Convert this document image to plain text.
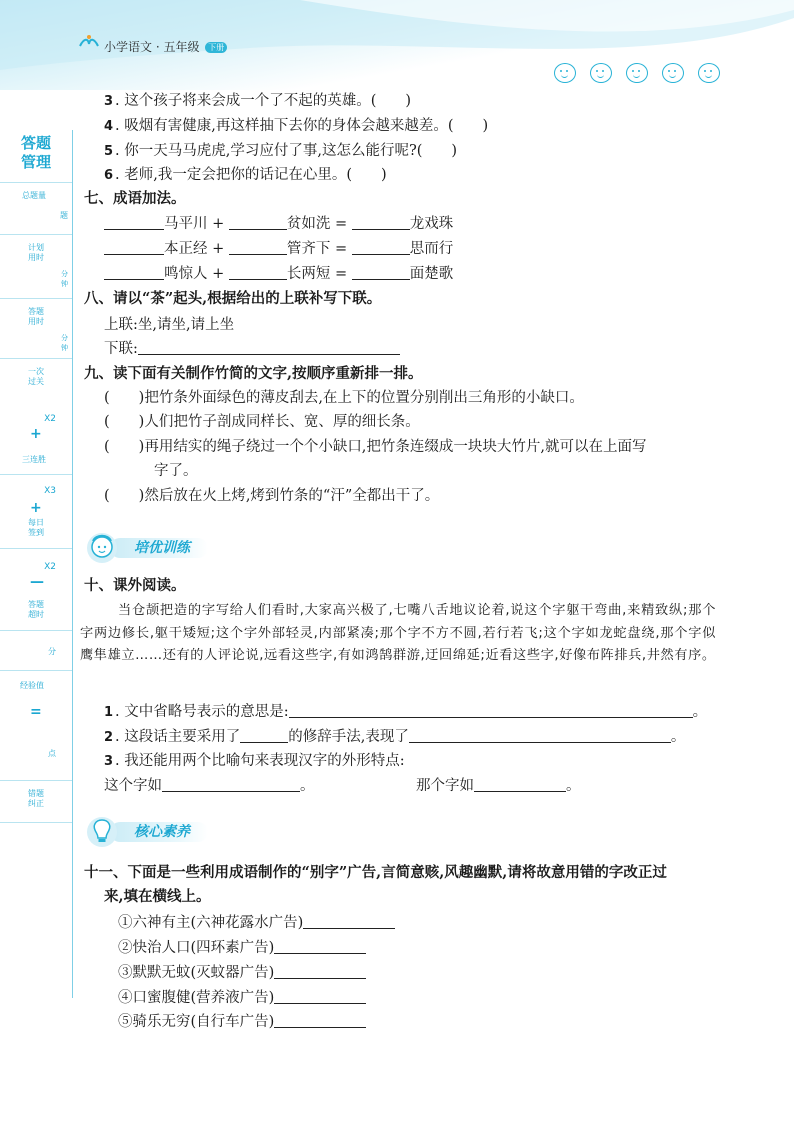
小学语文 · 五年级 下册
答题
管理
总题量
题
计划
用时
分
钟
答题
用时
分
钟
一次
过关
X2
+
三连胜
X3
+
每日
签到
X2
—
答题
超时
分
经验值
=
点
错题
纠正
3 . 这个孩子将来会成一个了不起的英雄。(　　)
4 . 吸烟有害健康,再这样抽下去你的身体会越来越差。(　　)
5 . 你一天马马虎虎,学习应付了事,这怎么能行呢?(　　)
6 . 老师,我一定会把你的话记在心里。(　　)
七、成语加法。
马平川 +	贫如洗 =	龙戏珠
本正经 +	管齐下 =	思而行
鸣惊人 +	长两短 =	面楚歌
八、请以“茶”起头,根据给出的上联补写下联。
上联:坐,请坐,请上坐
下联:
九、读下面有关制作竹简的文字,按顺序重新排一排。
(　　)把竹条外面绿色的薄皮刮去,在上下的位置分别削出三角形的小缺口。
(　　)人们把竹子剖成同样长、宽、厚的细长条。
(　　)再用结实的绳子绕过一个个小缺口,把竹条连缀成一块块大竹片,就可以在上面写
字了。
(　　)然后放在火上烤,烤到竹条的“汗”全都出干了。
培优训练
十、课外阅读。
当仓颉把造的字写给人们看时,大家高兴极了,七嘴八舌地议论着,说这个字躯干弯曲,来精致纵;那个字两边修长,躯干矮短;这个字外部轻灵,内部紧凑;那个字不方不圆,若行若飞;这个字如龙蛇盘绕,那个字似鹰隼雄立……还有的人评论说,远看这些字,有如鸿鹄群游,迂回绵延;近看这些字,好像布阵排兵,井然有序。
1 . 文中省略号表示的意思是:	。
2 . 这段话主要采用了	的修辞手法,表现了	。
3 . 我还能用两个比喻句来表现汉字的外形特点:
这个字如	。	那个字如	。
核心素养
十一、下面是一些利用成语制作的“别字”广告,言简意赅,风趣幽默,请将故意用错的字改正过
来,填在横线上。
①六神有主(六神花露水广告)
②快治人口(四环素广告)
③默默无蚊(灭蚊器广告)
④口蜜腹健(营养液广告)
⑤骑乐无穷(自行车广告)
